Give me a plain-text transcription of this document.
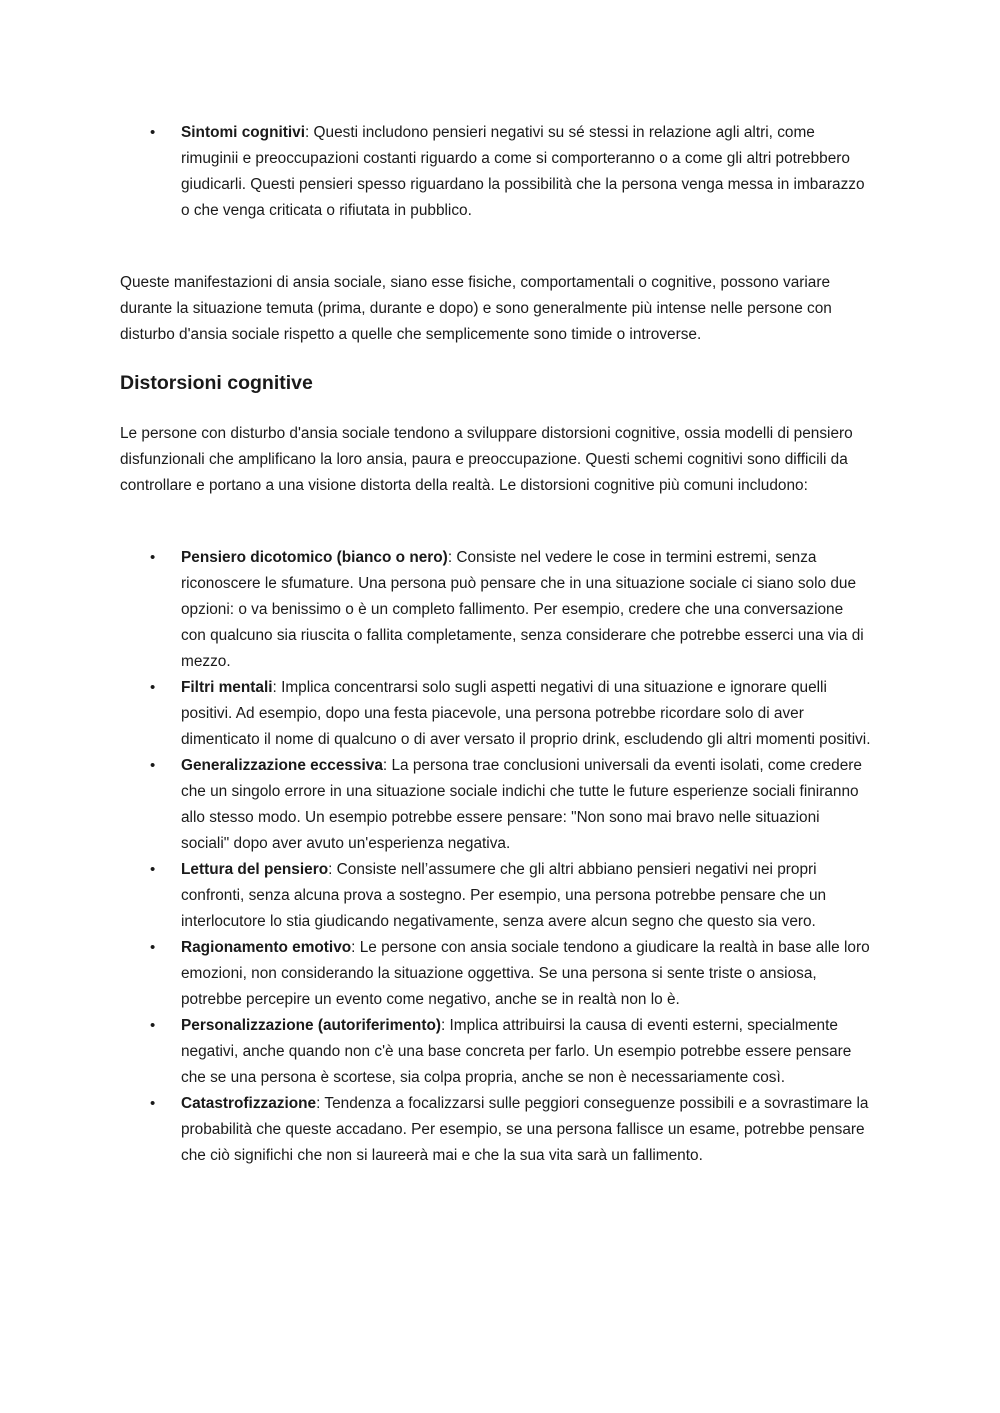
•	Sintomi cognitivi: Questi includono pensieri negativi su sé stessi in relazione agli altri, come rimuginii e preoccupazioni costanti riguardo a come si comporteranno o a come gli altri potrebbero giudicarli. Questi pensieri spesso riguardano la possibilità che la persona venga messa in imbarazzo o che venga criticata o rifiutata in pubblico.

Queste manifestazioni di ansia sociale, siano esse fisiche, comportamentali o cognitive, possono variare durante la situazione temuta (prima, durante e dopo) e sono generalmente più intense nelle persone con disturbo d'ansia sociale rispetto a quelle che semplicemente sono timide o introverse.

Distorsioni cognitive

Le persone con disturbo d'ansia sociale tendono a sviluppare distorsioni cognitive, ossia modelli di pensiero disfunzionali che amplificano la loro ansia, paura e preoccupazione. Questi schemi cognitivi sono difficili da controllare e portano a una visione distorta della realtà. Le distorsioni cognitive più comuni includono:

•	Pensiero dicotomico (bianco o nero): Consiste nel vedere le cose in termini estremi, senza riconoscere le sfumature. Una persona può pensare che in una situazione sociale ci siano solo due opzioni: o va benissimo o è un completo fallimento. Per esempio, credere che una conversazione con qualcuno sia riuscita o fallita completamente, senza considerare che potrebbe esserci una via di mezzo.
•	Filtri mentali: Implica concentrarsi solo sugli aspetti negativi di una situazione e ignorare quelli positivi. Ad esempio, dopo una festa piacevole, una persona potrebbe ricordare solo di aver dimenticato il nome di qualcuno o di aver versato il proprio drink, escludendo gli altri momenti positivi.
•	Generalizzazione eccessiva: La persona trae conclusioni universali da eventi isolati, come credere che un singolo errore in una situazione sociale indichi che tutte le future esperienze sociali finiranno allo stesso modo. Un esempio potrebbe essere pensare: "Non sono mai bravo nelle situazioni sociali" dopo aver avuto un'esperienza negativa.
•	Lettura del pensiero: Consiste nell’assumere che gli altri abbiano pensieri negativi nei propri confronti, senza alcuna prova a sostegno. Per esempio, una persona potrebbe pensare che un interlocutore lo stia giudicando negativamente, senza avere alcun segno che questo sia vero.
•	Ragionamento emotivo: Le persone con ansia sociale tendono a giudicare la realtà in base alle loro emozioni, non considerando la situazione oggettiva. Se una persona si sente triste o ansiosa, potrebbe percepire un evento come negativo, anche se in realtà non lo è.
•	Personalizzazione (autoriferimento): Implica attribuirsi la causa di eventi esterni, specialmente negativi, anche quando non c'è una base concreta per farlo. Un esempio potrebbe essere pensare che se una persona è scortese, sia colpa propria, anche se non è necessariamente così.
•	Catastrofizzazione: Tendenza a focalizzarsi sulle peggiori conseguenze possibili e a sovrastimare la probabilità che queste accadano. Per esempio, se una persona fallisce un esame, potrebbe pensare che ciò significhi che non si laureerà mai e che la sua vita sarà un fallimento.
